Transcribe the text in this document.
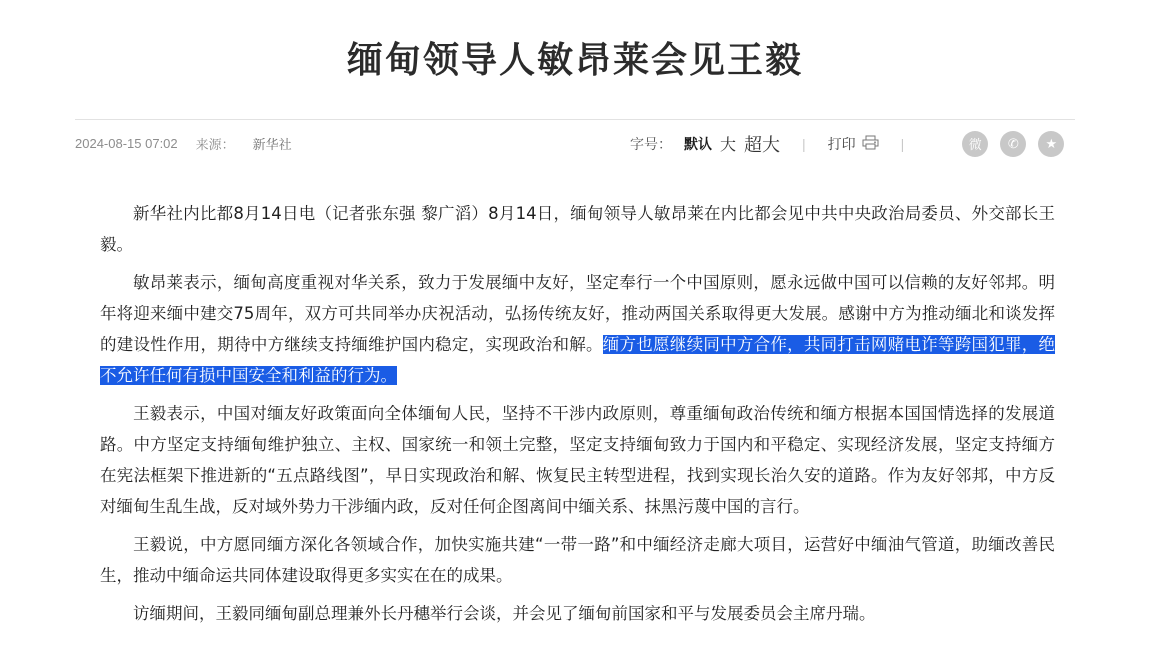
缅甸领导人敏昂莱会见王毅
2024-08-15 07:02 来源： 新华社	字号： 默认 大 超大 | 打印	|	微	✆	★

新华社内比都8月14日电（记者张东强 黎广滔）8月14日，缅甸领导人敏昂莱在内比都会见中共中央政治局委员、外交部长王毅。

敏昂莱表示，缅甸高度重视对华关系，致力于发展缅中友好，坚定奉行一个中国原则，愿永远做中国可以信赖的友好邻邦。明年将迎来缅中建交75周年，双方可共同举办庆祝活动，弘扬传统友好，推动两国关系取得更大发展。感谢中方为推动缅北和谈发挥的建设性作用，期待中方继续支持缅维护国内稳定，实现政治和解。缅方也愿继续同中方合作，共同打击网赌电诈等跨国犯罪，绝不允许任何有损中国安全和利益的行为。

王毅表示，中国对缅友好政策面向全体缅甸人民，坚持不干涉内政原则，尊重缅甸政治传统和缅方根据本国国情选择的发展道路。中方坚定支持缅甸维护独立、主权、国家统一和领土完整，坚定支持缅甸致力于国内和平稳定、实现经济发展，坚定支持缅方在宪法框架下推进新的“五点路线图”，早日实现政治和解、恢复民主转型进程，找到实现长治久安的道路。作为友好邻邦，中方反对缅甸生乱生战，反对域外势力干涉缅内政，反对任何企图离间中缅关系、抹黑污蔑中国的言行。

王毅说，中方愿同缅方深化各领域合作，加快实施共建“一带一路”和中缅经济走廊大项目，运营好中缅油气管道，助缅改善民生，推动中缅命运共同体建设取得更多实实在在的成果。

访缅期间，王毅同缅甸副总理兼外长丹穗举行会谈，并会见了缅甸前国家和平与发展委员会主席丹瑞。
